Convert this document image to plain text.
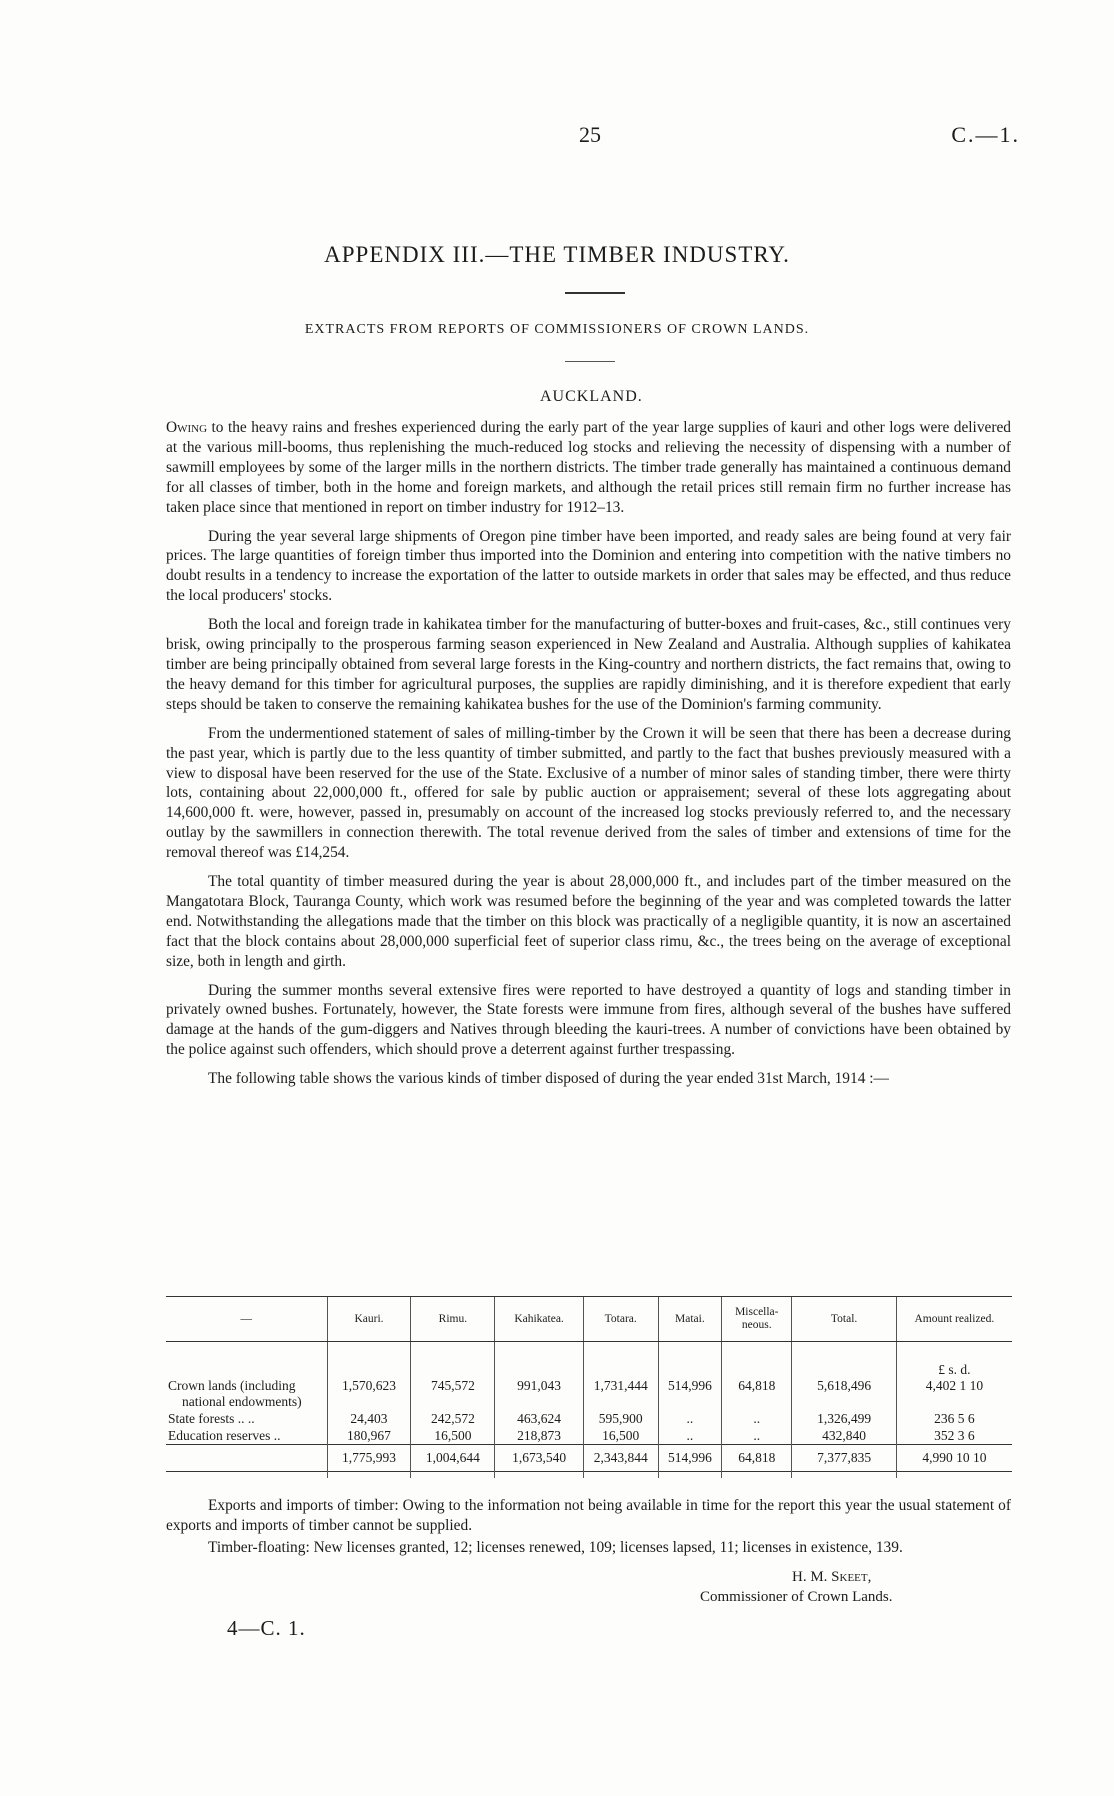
25	C.—1.
APPENDIX III.—THE TIMBER INDUSTRY.
EXTRACTS FROM REPORTS OF COMMISSIONERS OF CROWN LANDS.
AUCKLAND.

Owing to the heavy rains and freshes experienced during the early part of the year large supplies of kauri and other logs were delivered at the various mill-booms, thus replenishing the much-reduced log stocks and relieving the necessity of dispensing with a number of sawmill employees by some of the larger mills in the northern districts. The timber trade generally has maintained a continuous demand for all classes of timber, both in the home and foreign markets, and although the retail prices still remain firm no further increase has taken place since that mentioned in report on timber industry for 1912–13.

During the year several large shipments of Oregon pine timber have been imported, and ready sales are being found at very fair prices. The large quantities of foreign timber thus imported into the Dominion and entering into competition with the native timbers no doubt results in a tendency to increase the exportation of the latter to outside markets in order that sales may be effected, and thus reduce the local producers' stocks.

Both the local and foreign trade in kahikatea timber for the manufacturing of butter-boxes and fruit-cases, &c., still continues very brisk, owing principally to the prosperous farming season experienced in New Zealand and Australia. Although supplies of kahikatea timber are being principally obtained from several large forests in the King-country and northern districts, the fact remains that, owing to the heavy demand for this timber for agricultural purposes, the supplies are rapidly diminishing, and it is therefore expedient that early steps should be taken to conserve the remaining kahikatea bushes for the use of the Dominion's farming community.

From the undermentioned statement of sales of milling-timber by the Crown it will be seen that there has been a decrease during the past year, which is partly due to the less quantity of timber submitted, and partly to the fact that bushes previously measured with a view to disposal have been reserved for the use of the State. Exclusive of a number of minor sales of standing timber, there were thirty lots, containing about 22,000,000 ft., offered for sale by public auction or appraisement; several of these lots aggregating about 14,600,000 ft. were, however, passed in, presumably on account of the increased log stocks previously referred to, and the necessary outlay by the sawmillers in connection therewith. The total revenue derived from the sales of timber and extensions of time for the removal thereof was £14,254.

The total quantity of timber measured during the year is about 28,000,000 ft., and includes part of the timber measured on the Mangatotara Block, Tauranga County, which work was resumed before the beginning of the year and was completed towards the latter end. Notwithstanding the allegations made that the timber on this block was practically of a negligible quantity, it is now an ascertained fact that the block contains about 28,000,000 superficial feet of superior class rimu, &c., the trees being on the average of exceptional size, both in length and girth.

During the summer months several extensive fires were reported to have destroyed a quantity of logs and standing timber in privately owned bushes. Fortunately, however, the State forests were immune from fires, although several of the bushes have suffered damage at the hands of the gum-diggers and Natives through bleeding the kauri-trees. A number of convictions have been obtained by the police against such offenders, which should prove a deterrent against further trespassing.

The following table shows the various kinds of timber disposed of during the year ended 31st March, 1914 :—

—	Kauri.	Rimu.	Kahikatea.	Totara.	Matai.	Miscella-neous.	Total.	Amount realized.

								£ s. d.
Crown lands (including
national endowments)	1,570,623	745,572	991,043	1,731,444	514,996	64,818	5,618,496	4,402 1 10
State forests .. ..	24,403	242,572	463,624	595,900	..	..	1,326,499	236 5 6
Education reserves ..	180,967	16,500	218,873	16,500	..	..	432,840	352 3 6
	1,775,993	1,004,644	1,673,540	2,343,844	514,996	64,818	7,377,835	4,990 10 10

Exports and imports of timber: Owing to the information not being available in time for the report this year the usual statement of exports and imports of timber cannot be supplied.

Timber-floating: New licenses granted, 12; licenses renewed, 109; licenses lapsed, 11; licenses in existence, 139.

H. M. Skeet,
Commissioner of Crown Lands.
4—C. 1.
